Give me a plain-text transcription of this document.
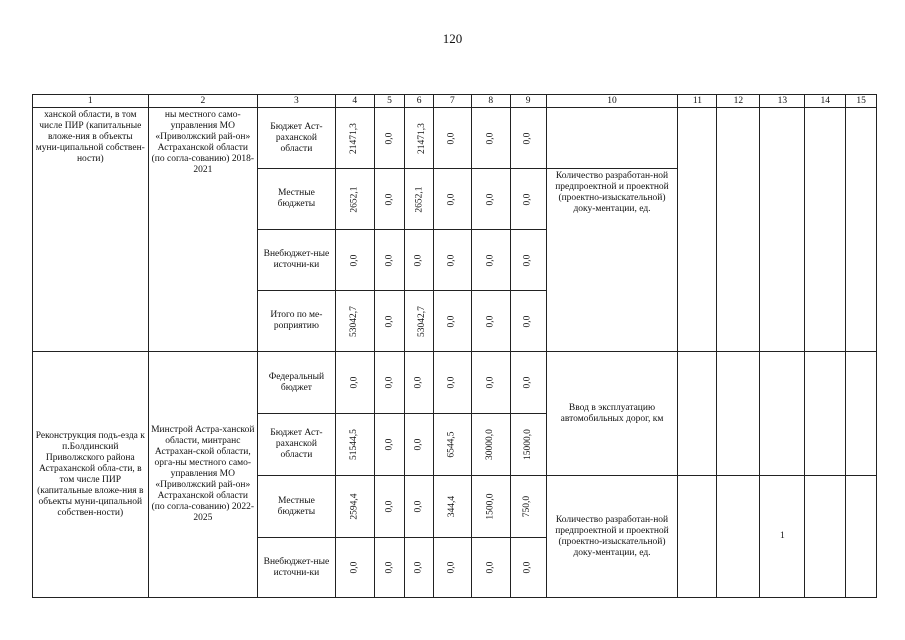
120
1	2	3	4	5	6	7	8	9	10	11	12	13	14	15
ханской области, в том числе ПИР (капитальные вложе-ния в объекты муни-ципальной собствен-ности)	ны местного само-управления МО «Приволжский рай-он» Астраханской области (по согла-сованию) 2018-2021	Бюджет Аст-раханской области	21471,3	0,0	21471,3	0,0	0,0	0,0						
		Местные бюджеты	2652,1	0,0	2652,1	0,0	0,0	0,0	Количество разработан-ной предпроектной и проектной (проектно-изыскательной) доку-ментации, ед.					
		Внебюджет-ные источни-ки	0,0	0,0	0,0	0,0	0,0	0,0						
		Итого по ме-роприятию	53042,7	0,0	53042,7	0,0	0,0	0,0						
Реконструкция подъ-езда к п.Болдинский Приволжского района Астраханской обла-сти, в том числе ПИР (капитальные вложе-ния в объекты муни-ципальной собствен-ности)	Минстрой Астра-ханской области, минтранс Астрахан-ской области, орга-ны местного само-управления МО «Приволжский рай-он» Астраханской области (по согла-сованию) 2022-2025	Федеральный бюджет	0,0	0,0	0,0	0,0	0,0	0,0	Ввод в эксплуатацию автомобильных дорог, км					
		Бюджет Аст-раханской области	51544,5	0,0	0,0	6544,5	30000,0	15000,0						
		Местные бюджеты	2594,4	0,0	0,0	344,4	1500,0	750,0	Количество разработан-ной предпроектной и проектной (проектно-изыскательной) доку-ментации, ед.			1		
		Внебюджет-ные источни-ки	0,0	0,0	0,0	0,0	0,0	0,0						
